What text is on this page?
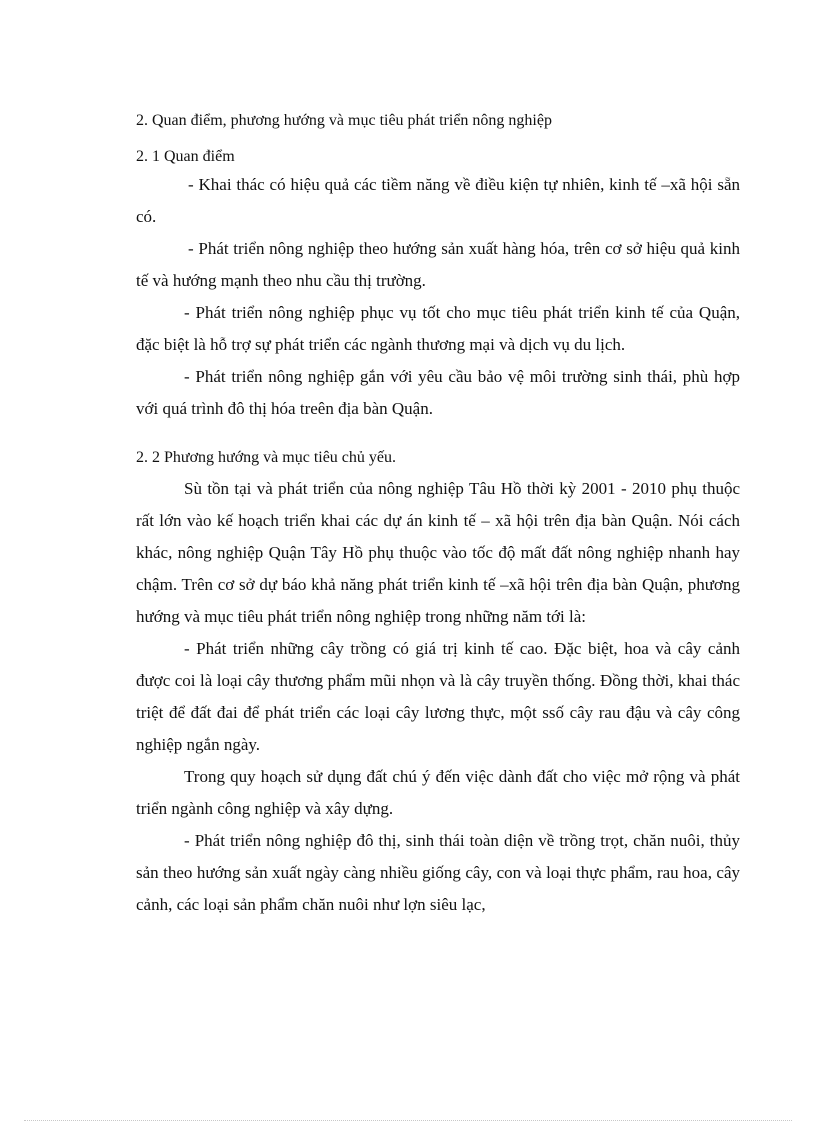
2. Quan điểm, phương hướng và mục tiêu phát triển nông nghiệp
2. 1 Quan điểm

- Khai thác có hiệu quả các tiềm năng về điều kiện tự nhiên, kinh tế –xã hội sẵn có.

- Phát triển nông nghiệp theo hướng sản xuất hàng hóa, trên cơ sở hiệu quả kinh tế và hướng mạnh theo nhu cầu thị trường.

- Phát triển nông nghiệp phục vụ tốt cho mục tiêu phát triển kinh tế của Quận, đặc biệt là hỗ trợ sự phát triển các ngành thương mại và dịch vụ du lịch.

- Phát triển nông nghiệp gắn với yêu cầu bảo vệ môi trường sinh thái, phù hợp với quá trình đô thị hóa treên địa bàn Quận.

2. 2 Phương hướng và mục tiêu chủ yếu.

Sù tồn tại và phát triển của nông nghiệp Tâu Hồ thời kỳ 2001 - 2010 phụ thuộc rất lớn vào kế hoạch triển khai các dự án kinh tế – xã hội trên địa bàn Quận. Nói cách khác, nông nghiệp Quận Tây Hồ phụ thuộc vào tốc độ mất đất nông nghiệp nhanh hay chậm. Trên cơ sở dự báo khả năng phát triển kinh tế –xã hội trên địa bàn Quận, phương hướng và mục tiêu phát triển nông nghiệp trong những năm tới là:

- Phát triển những cây trồng có giá trị kinh tế cao. Đặc biệt, hoa và cây cảnh được coi là loại cây thương phẩm mũi nhọn và là cây truyền thống. Đồng thời, khai thác triệt để đất đai để phát triển các loại cây lương thực, một ssố cây rau đậu và cây công nghiệp ngắn ngày.

Trong quy hoạch sử dụng đất chú ý đến việc dành đất cho việc mở rộng và phát triển ngành công nghiệp và xây dựng.

- Phát triển nông nghiệp đô thị, sinh thái toàn diện về trồng trọt, chăn nuôi, thủy sản theo hướng sản xuất ngày càng nhiều giống cây, con và loại thực phẩm, rau hoa, cây cảnh, các loại sản phẩm chăn nuôi như lợn siêu lạc,
